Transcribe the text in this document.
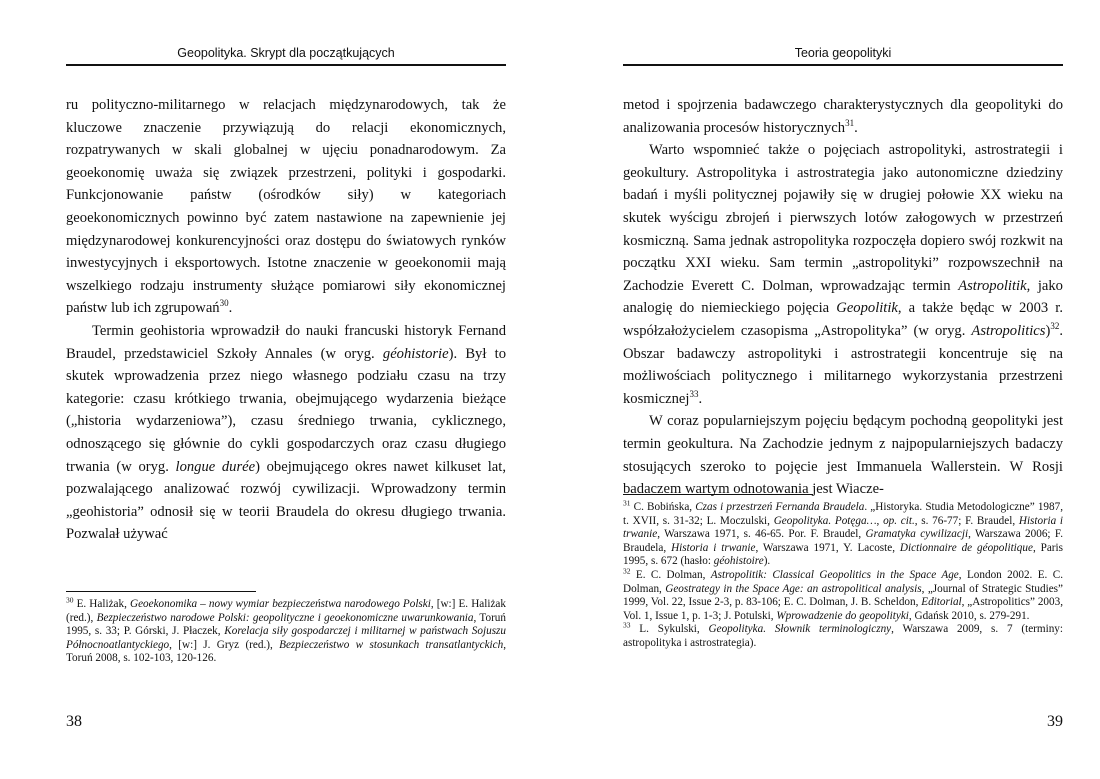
Geopolityka. Skrypt dla początkujących

ru polityczno-militarnego w relacjach międzynarodowych, tak że kluczowe znaczenie przywiązują do relacji ekonomicznych, rozpatrywanych w skali globalnej w ujęciu ponadnarodowym. Za geoekonomię uważa się związek przestrzeni, polityki i gospodarki. Funkcjonowanie państw (ośrodków siły) w kategoriach geoekonomicznych powinno być zatem nastawione na zapewnienie jej międzynarodowej konkurencyjności oraz dostępu do światowych rynków inwestycyjnych i eksportowych. Istotne znaczenie w geoekonomii mają wszelkiego rodzaju instrumenty służące pomiarowi siły ekonomicznej państw lub ich zgrupowań$^{30}$.

Termin geohistoria wprowadził do nauki francuski historyk Fernand Braudel, przedstawiciel Szkoły Annales (w oryg. géohistorie). Był to skutek wprowadzenia przez niego własnego podziału czasu na trzy kategorie: czasu krótkiego trwania, obejmującego wydarzenia bieżące („historia wydarzeniowa”), czasu średniego trwania, cyklicznego, odnoszącego się głównie do cykli gospodarczych oraz czasu długiego trwania (w oryg. longue durée) obejmującego okres nawet kilkuset lat, pozwalającego analizować rozwój cywilizacji. Wprowadzony termin „geohistoria” odnosił się w teorii Braudela do okresu długiego trwania. Pozwalał używać

$^{30}$ E. Haliżak, Geoekonomika – nowy wymiar bezpieczeństwa narodowego Polski, [w:] E. Haliżak (red.), Bezpieczeństwo narodowe Polski: geopolityczne i geoekonomiczne uwarunkowania, Toruń 1995, s. 33; P. Górski, J. Płaczek, Korelacja siły gospodarczej i militarnej w państwach Sojuszu Północnoatlantyckiego, [w:] J. Gryz (red.), Bezpieczeństwo w stosunkach transatlantyckich, Toruń 2008, s. 102-103, 120-126.

38
Teoria geopolityki

metod i spojrzenia badawczego charakterystycznych dla geopolityki do analizowania procesów historycznych$^{31}$.

Warto wspomnieć także o pojęciach astropolityki, astrostrategii i geokultury. Astropolityka i astrostrategia jako autonomiczne dziedziny badań i myśli politycznej pojawiły się w drugiej połowie XX wieku na skutek wyścigu zbrojeń i pierwszych lotów załogowych w przestrzeń kosmiczną. Sama jednak astropolityka rozpoczęła dopiero swój rozkwit na początku XXI wieku. Sam termin „astropolityki” rozpowszechnił na Zachodzie Everett C. Dolman, wprowadzając termin Astropolitik, jako analogię do niemieckiego pojęcia Geopolitik, a także będąc w 2003 r. współzałożycielem czasopisma „Astropolityka” (w oryg. Astropolitics)$^{32}$. Obszar badawczy astropolityki i astrostrategii koncentruje się na możliwościach politycznego i militarnego wykorzystania przestrzeni kosmicznej$^{33}$.

W coraz popularniejszym pojęciu będącym pochodną geopolityki jest termin geokultura. Na Zachodzie jednym z najpopularniejszych badaczy stosujących szeroko to pojęcie jest Immanuela Wallerstein. W Rosji badaczem wartym odnotowania jest Wiacze-

$^{31}$ C. Bobińska, Czas i przestrzeń Fernanda Braudela. „Historyka. Studia Metodologiczne” 1987, t. XVII, s. 31-32; L. Moczulski, Geopolityka. Potęga…, op. cit., s. 76-77; F. Braudel, Historia i trwanie, Warszawa 1971, s. 46-65. Por. F. Braudel, Gramatyka cywilizacji, Warszawa 2006; F. Braudela, Historia i trwanie, Warszawa 1971, Y. Lacoste, Dictionnaire de géopolitique, Paris 1995, s. 672 (hasło: géohistoire).

$^{32}$ E. C. Dolman, Astropolitik: Classical Geopolitics in the Space Age, London 2002. E. C. Dolman, Geostrategy in the Space Age: an astropolitical analysis, „Journal of Strategic Studies” 1999, Vol. 22, Issue 2-3, p. 83-106; E. C. Dolman, J. B. Scheldon, Editorial, „Astropolitics” 2003, Vol. 1, Issue 1, p. 1-3; J. Potulski, Wprowadzenie do geopolityki, Gdańsk 2010, s. 279-291.

$^{33}$ L. Sykulski, Geopolityka. Słownik terminologiczny, Warszawa 2009, s. 7 (terminy: astropolityka i astrostrategia).

39
